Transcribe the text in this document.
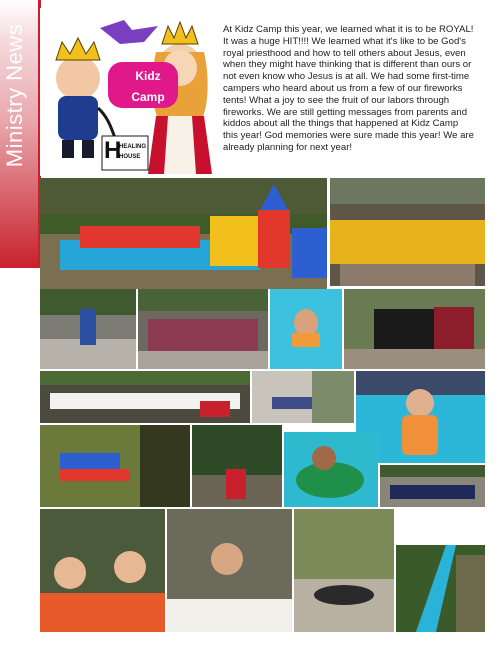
Ministry News	Kidz
Camp
H
HEALING
HOUSE

At Kidz Camp this year, we learned what it is to be ROYAL! It was a huge HIT!!!! We learned what it's like to be God's royal priesthood and how to tell others about Jesus, even when they might have thinking that is different than ours or not even know who Jesus is at all. We had some first-time campers who heard about us from a few of our fireworks tents! What a joy to see the fruit of our labors through fireworks. We are still getting messages from parents and kiddos about all the things that happened at Kidz Camp this year! God memories were sure made this year! We are already planning for next year!
